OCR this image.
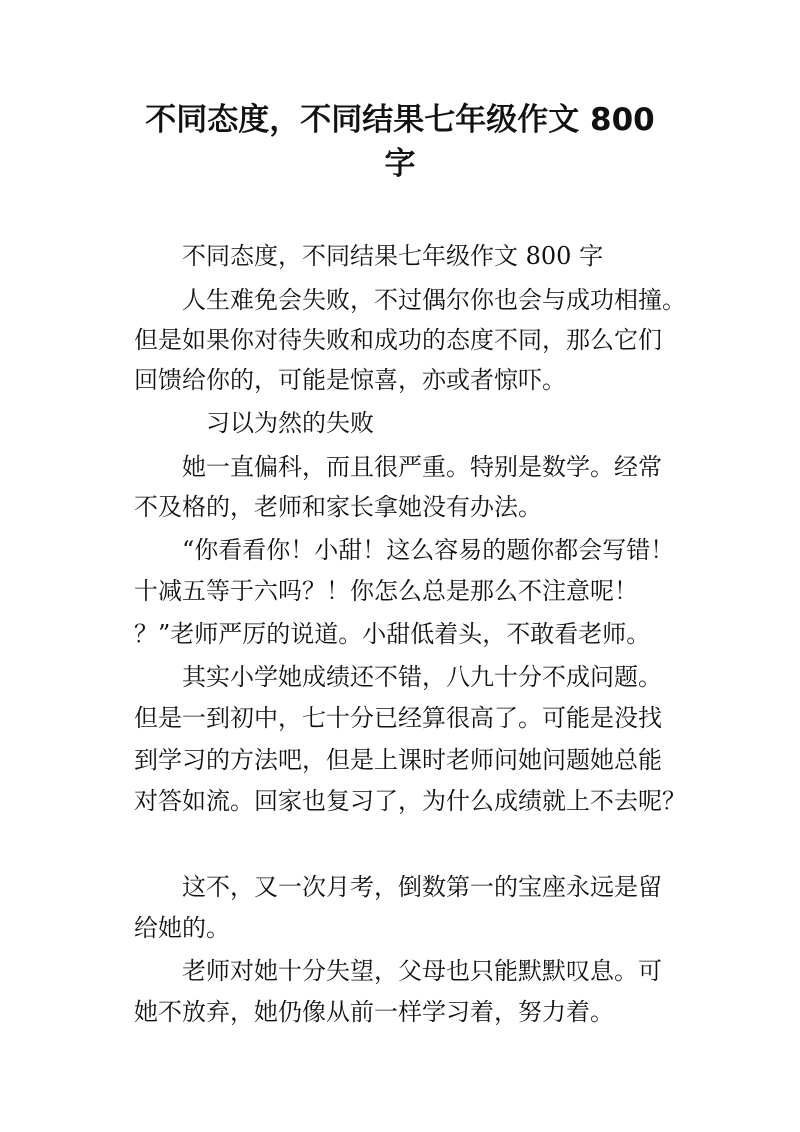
不同态度，不同结果七年级作文 800
字

不同态度，不同结果七年级作文 800 字

人生难免会失败，不过偶尔你也会与成功相撞。

但是如果你对待失败和成功的态度不同，那么它们

回馈给你的，可能是惊喜，亦或者惊吓。

习以为然的失败

她一直偏科，而且很严重。特别是数学。经常

不及格的，老师和家长拿她没有办法。

“你看看你！小甜！这么容易的题你都会写错！

十减五等于六吗？！你怎么总是那么不注意呢！

？”老师严厉的说道。小甜低着头，不敢看老师。

其实小学她成绩还不错，八九十分不成问题。

但是一到初中，七十分已经算很高了。可能是没找

到学习的方法吧，但是上课时老师问她问题她总能

对答如流。回家也复习了，为什么成绩就上不去呢？

这不，又一次月考，倒数第一的宝座永远是留

给她的。

老师对她十分失望，父母也只能默默叹息。可

她不放弃，她仍像从前一样学习着，努力着。
